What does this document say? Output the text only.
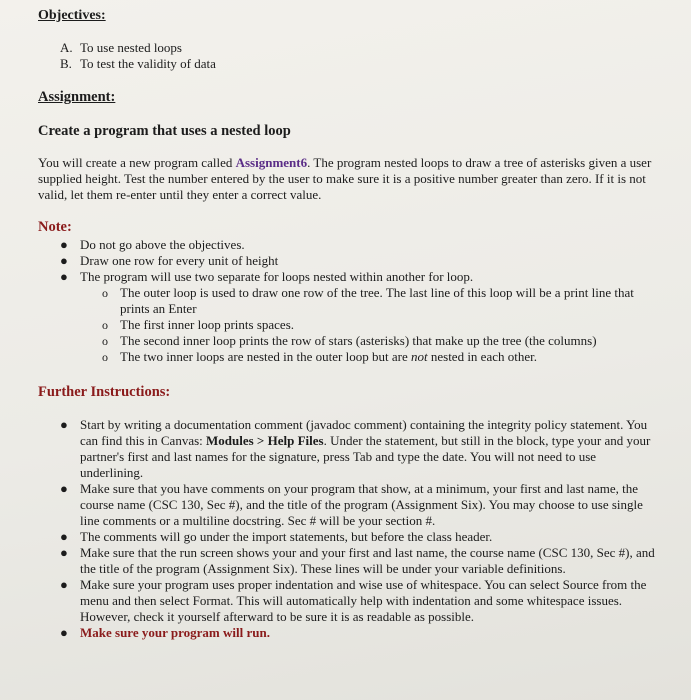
Objectives:
A. To use nested loops
B. To test the validity of data
Assignment:
Create a program that uses a nested loop
You will create a new program called Assignment6. The program nested loops to draw a tree of asterisks given a user supplied height. Test the number entered by the user to make sure it is a positive number greater than zero. If it is not valid, let them re-enter until they enter a correct value.
Note:
● Do not go above the objectives.
● Draw one row for every unit of height
● The program will use two separate for loops nested within another for loop.
o The outer loop is used to draw one row of the tree. The last line of this loop will be a print line that prints an Enter
o The first inner loop prints spaces.
o The second inner loop prints the row of stars (asterisks) that make up the tree (the columns)
o The two inner loops are nested in the outer loop but are not nested in each other.
Further Instructions:
● Start by writing a documentation comment (javadoc comment) containing the integrity policy statement. You can find this in Canvas: Modules > Help Files. Under the statement, but still in the block, type your and your partner's first and last names for the signature, press Tab and type the date. You will not need to use underlining.
● Make sure that you have comments on your program that show, at a minimum, your first and last name, the course name (CSC 130, Sec #), and the title of the program (Assignment Six). You may choose to use single line comments or a multiline docstring. Sec # will be your section #.
● The comments will go under the import statements, but before the class header.
● Make sure that the run screen shows your and your first and last name, the course name (CSC 130, Sec #), and the title of the program (Assignment Six). These lines will be under your variable definitions.
● Make sure your program uses proper indentation and wise use of whitespace. You can select Source from the menu and then select Format. This will automatically help with indentation and some whitespace issues. However, check it yourself afterward to be sure it is as readable as possible.
● Make sure your program will run.
